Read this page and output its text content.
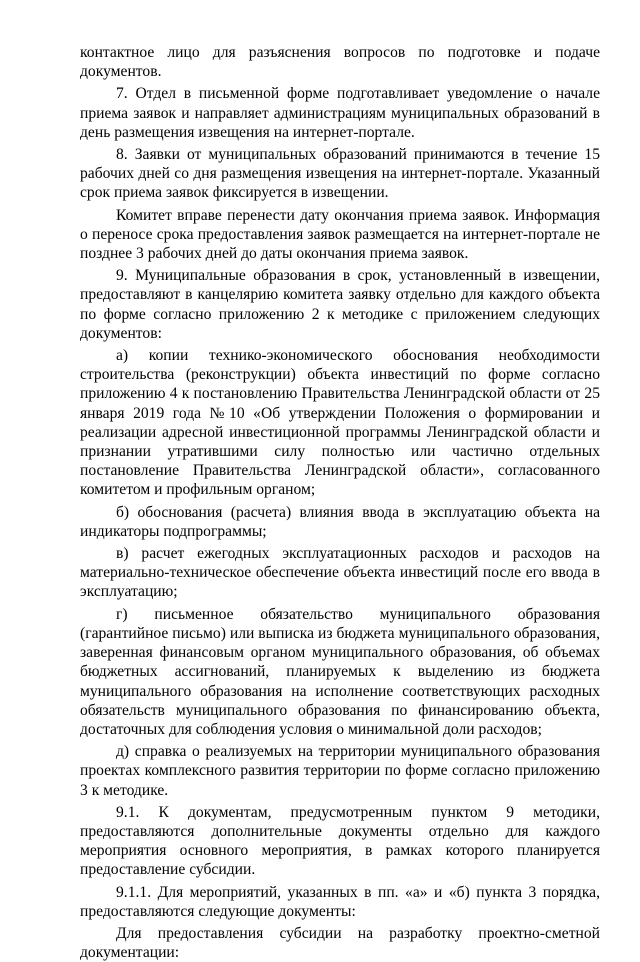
контактное лицо для разъяснения вопросов по подготовке и подаче документов.

7. Отдел в письменной форме подготавливает уведомление о начале приема заявок и направляет администрациям муниципальных образований в день размещения извещения на интернет-портале.

8. Заявки от муниципальных образований принимаются в течение 15 рабочих дней со дня размещения извещения на интернет-портале. Указанный срок приема заявок фиксируется в извещении.

Комитет вправе перенести дату окончания приема заявок. Информация о переносе срока предоставления заявок размещается на интернет-портале не позднее 3 рабочих дней до даты окончания приема заявок.

9. Муниципальные образования в срок, установленный в извещении, предоставляют в канцелярию комитета заявку отдельно для каждого объекта по форме согласно приложению 2 к методике с приложением следующих документов:

а) копии технико-экономического обоснования необходимости строительства (реконструкции) объекта инвестиций по форме согласно приложению 4 к постановлению Правительства Ленинградской области от 25 января 2019 года №10 «Об утверждении Положения о формировании и реализации адресной инвестиционной программы Ленинградской области и признании утратившими силу полностью или частично отдельных постановление Правительства Ленинградской области», согласованного комитетом и профильным органом;

б) обоснования (расчета) влияния ввода в эксплуатацию объекта на индикаторы подпрограммы;

в) расчет ежегодных эксплуатационных расходов и расходов на материально-техническое обеспечение объекта инвестиций после его ввода в эксплуатацию;

г) письменное обязательство муниципального образования (гарантийное письмо) или выписка из бюджета муниципального образования, заверенная финансовым органом муниципального образования, об объемах бюджетных ассигнований, планируемых к выделению из бюджета муниципального образования на исполнение соответствующих расходных обязательств муниципального образования по финансированию объекта, достаточных для соблюдения условия о минимальной доли расходов;

д) справка о реализуемых на территории муниципального образования проектах комплексного развития территории по форме согласно приложению 3 к методике.

9.1. К документам, предусмотренным пунктом 9 методики, предоставляются дополнительные документы отдельно для каждого мероприятия основного мероприятия, в рамках которого планируется предоставление субсидии.

9.1.1. Для мероприятий, указанных в пп. «а» и «б) пункта 3 порядка, предоставляются следующие документы:

Для предоставления субсидии на разработку проектно-сметной документации:
